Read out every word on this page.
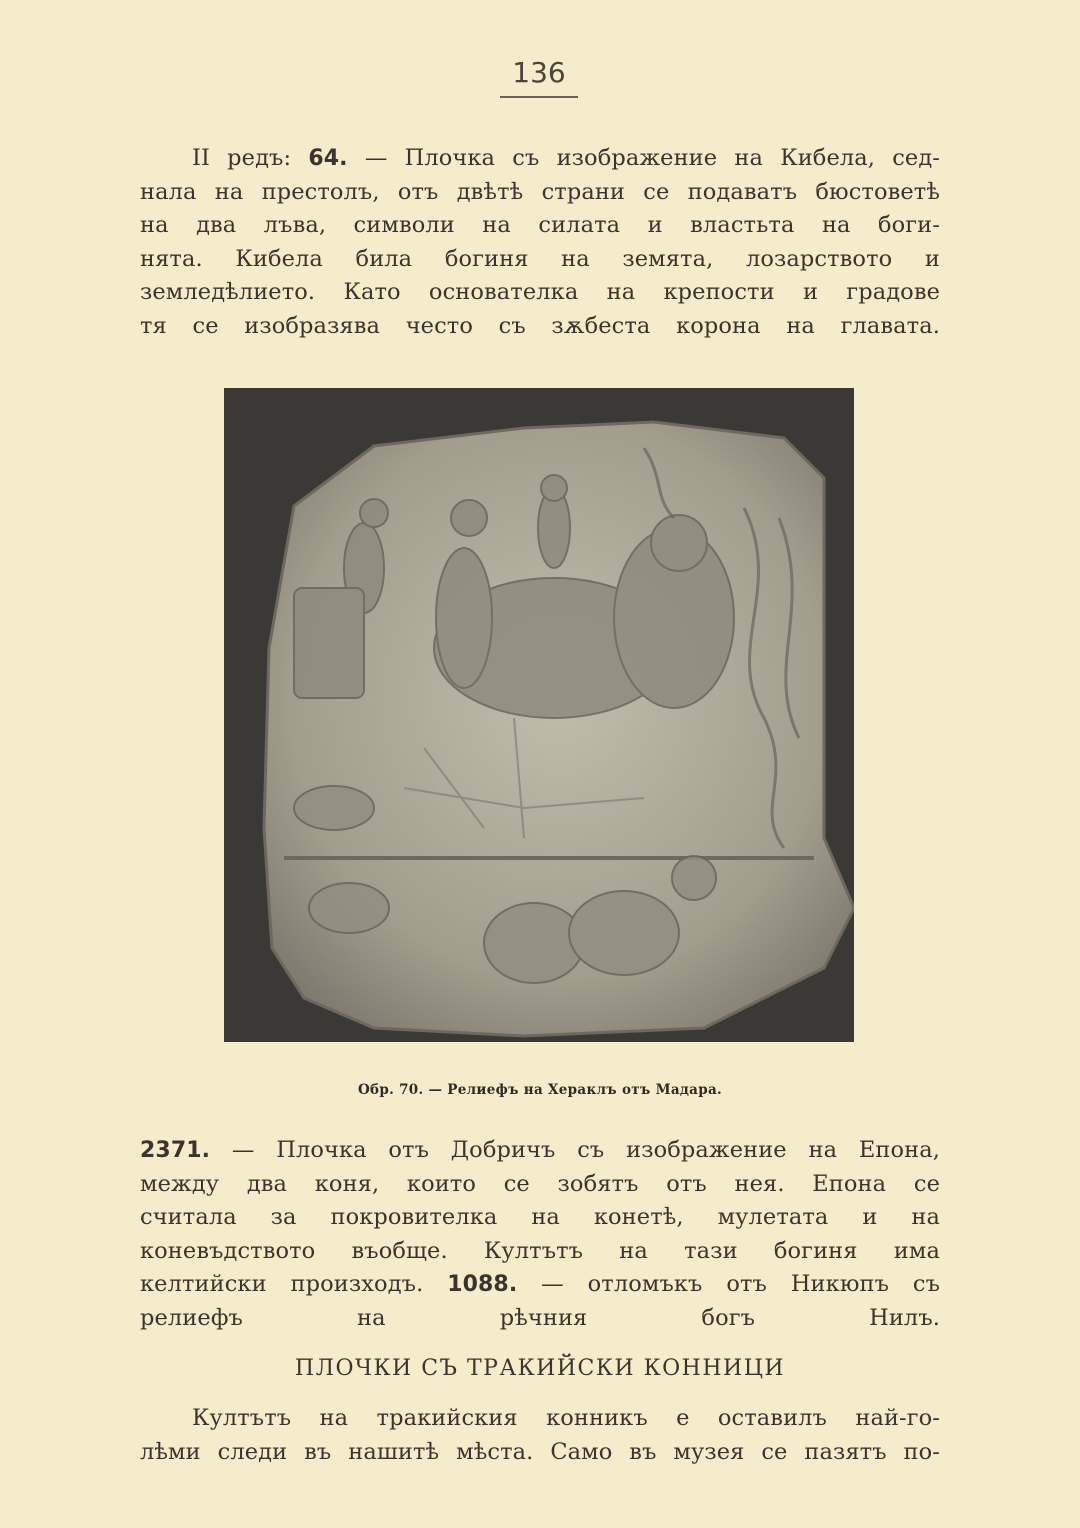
136
II редъ: 64. — Плочка съ изображение на Кибела, сед-
нала на престолъ, отъ двѣтѣ страни се подаватъ бюстоветѣ
на два лъва, символи на силата и властьта на боги-
нята. Кибела била богиня на земята, лозарството и
земледѣлието. Като основателка на крепости и градове
тя се изобразява често съ зѫбеста корона на главата.
Обр. 70. — Релиефъ на Хераклъ отъ Мадара.
2371. — Плочка отъ Добричъ съ изображение на Епона,
между два коня, които се зобятъ отъ нея. Епона се
считала за покровителка на конетѣ, мулетата и на
коневъдството въобще. Култътъ на тази богиня има
келтийски произходъ. 1088. — отломъкъ отъ Никюпъ съ
релиефъ на рѣчния богъ Нилъ.
ПЛОЧКИ СЪ ТРАКИЙСКИ КОННИЦИ
Култътъ на тракийския конникъ е оставилъ най-го-
лѣми следи въ нашитѣ мѣста. Само въ музея се пазятъ по-
